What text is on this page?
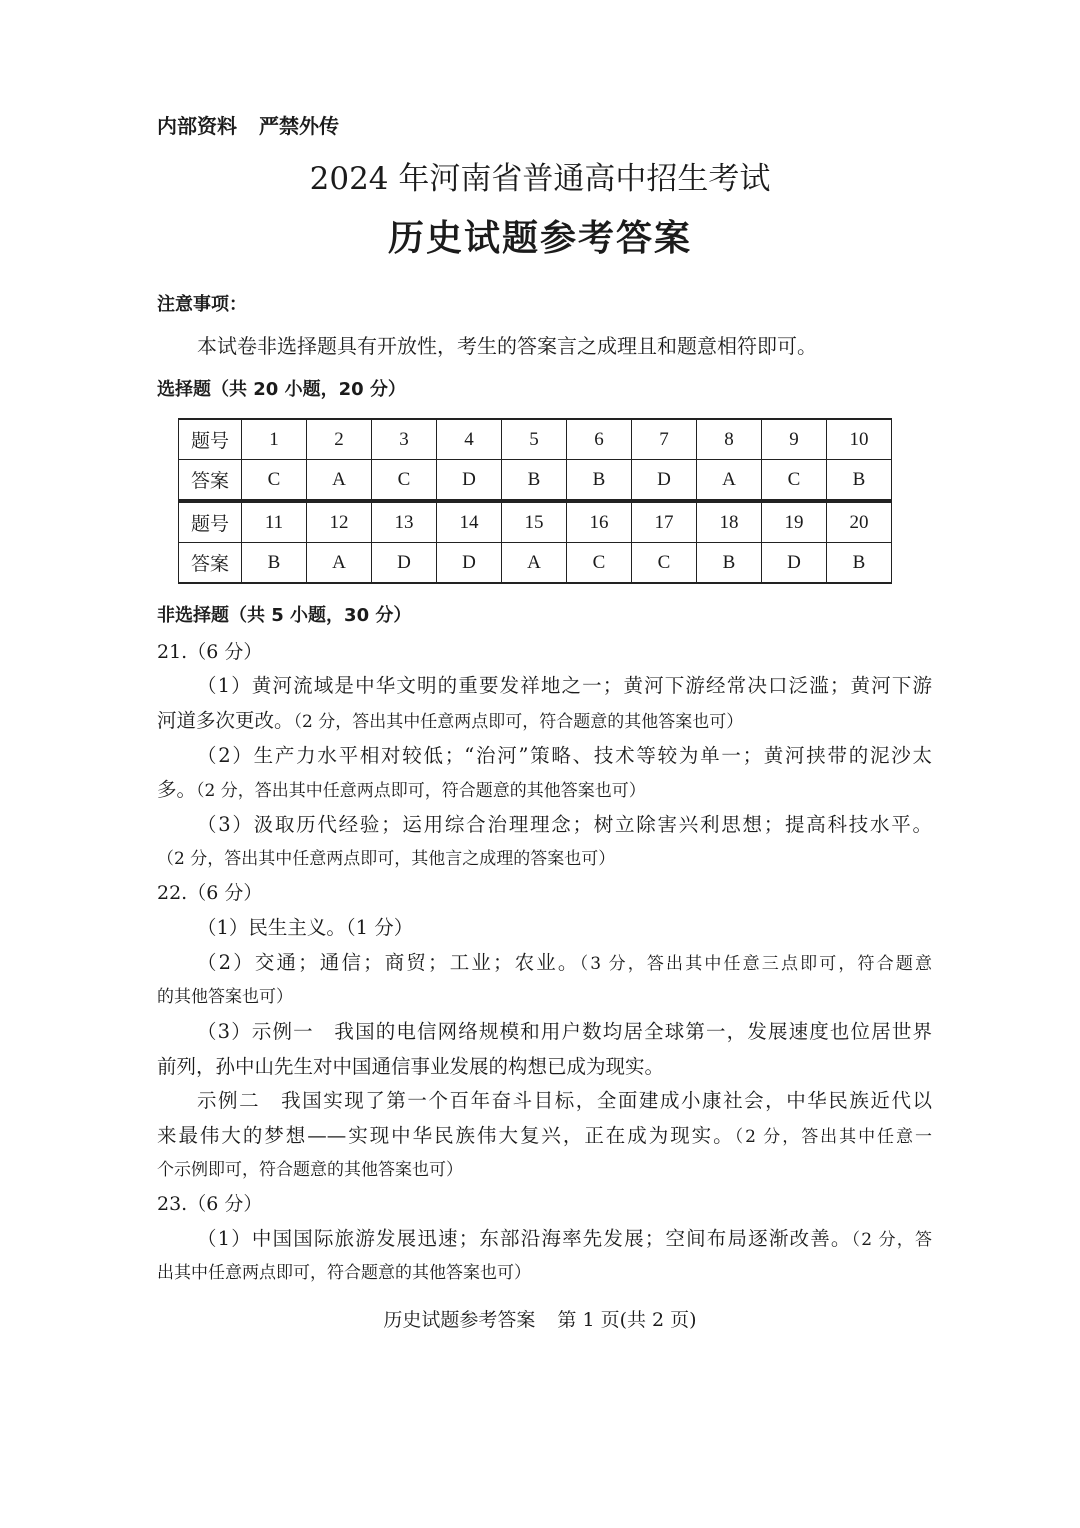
内部资料 严禁外传
2024 年河南省普通高中招生考试
历史试题参考答案
注意事项：
本试卷非选择题具有开放性，考生的答案言之成理且和题意相符即可。
选择题（共 20 小题，20 分）
题号	1	2	3	4	5	6	7	8	9	10
答案	C	A	C	D	B	B	D	A	C	B
题号	11	12	13	14	15	16	17	18	19	20
答案	B	A	D	D	A	C	C	B	D	B
非选择题（共 5 小题，30 分）
21.（6 分）
（1）黄河流域是中华文明的重要发祥地之一；黄河下游经常决口泛滥；黄河下游
河道多次更改。（2 分，答出其中任意两点即可，符合题意的其他答案也可）
（2）生产力水平相对较低；“治河”策略、技术等较为单一；黄河挟带的泥沙太
多。（2 分，答出其中任意两点即可，符合题意的其他答案也可）
（3）汲取历代经验；运用综合治理理念；树立除害兴利思想；提高科技水平。
（2 分，答出其中任意两点即可，其他言之成理的答案也可）
22.（6 分）
（1）民生主义。（1 分）
（2）交通；通信；商贸；工业；农业。（3 分，答出其中任意三点即可，符合题意
的其他答案也可）
（3）示例一　我国的电信网络规模和用户数均居全球第一，发展速度也位居世界
前列，孙中山先生对中国通信事业发展的构想已成为现实。
示例二　我国实现了第一个百年奋斗目标，全面建成小康社会，中华民族近代以
来最伟大的梦想——实现中华民族伟大复兴，正在成为现实。（2 分，答出其中任意一
个示例即可，符合题意的其他答案也可）
23.（6 分）
（1）中国国际旅游发展迅速；东部沿海率先发展；空间布局逐渐改善。（2 分，答
出其中任意两点即可，符合题意的其他答案也可）
历史试题参考答案 第 1 页(共 2 页)
